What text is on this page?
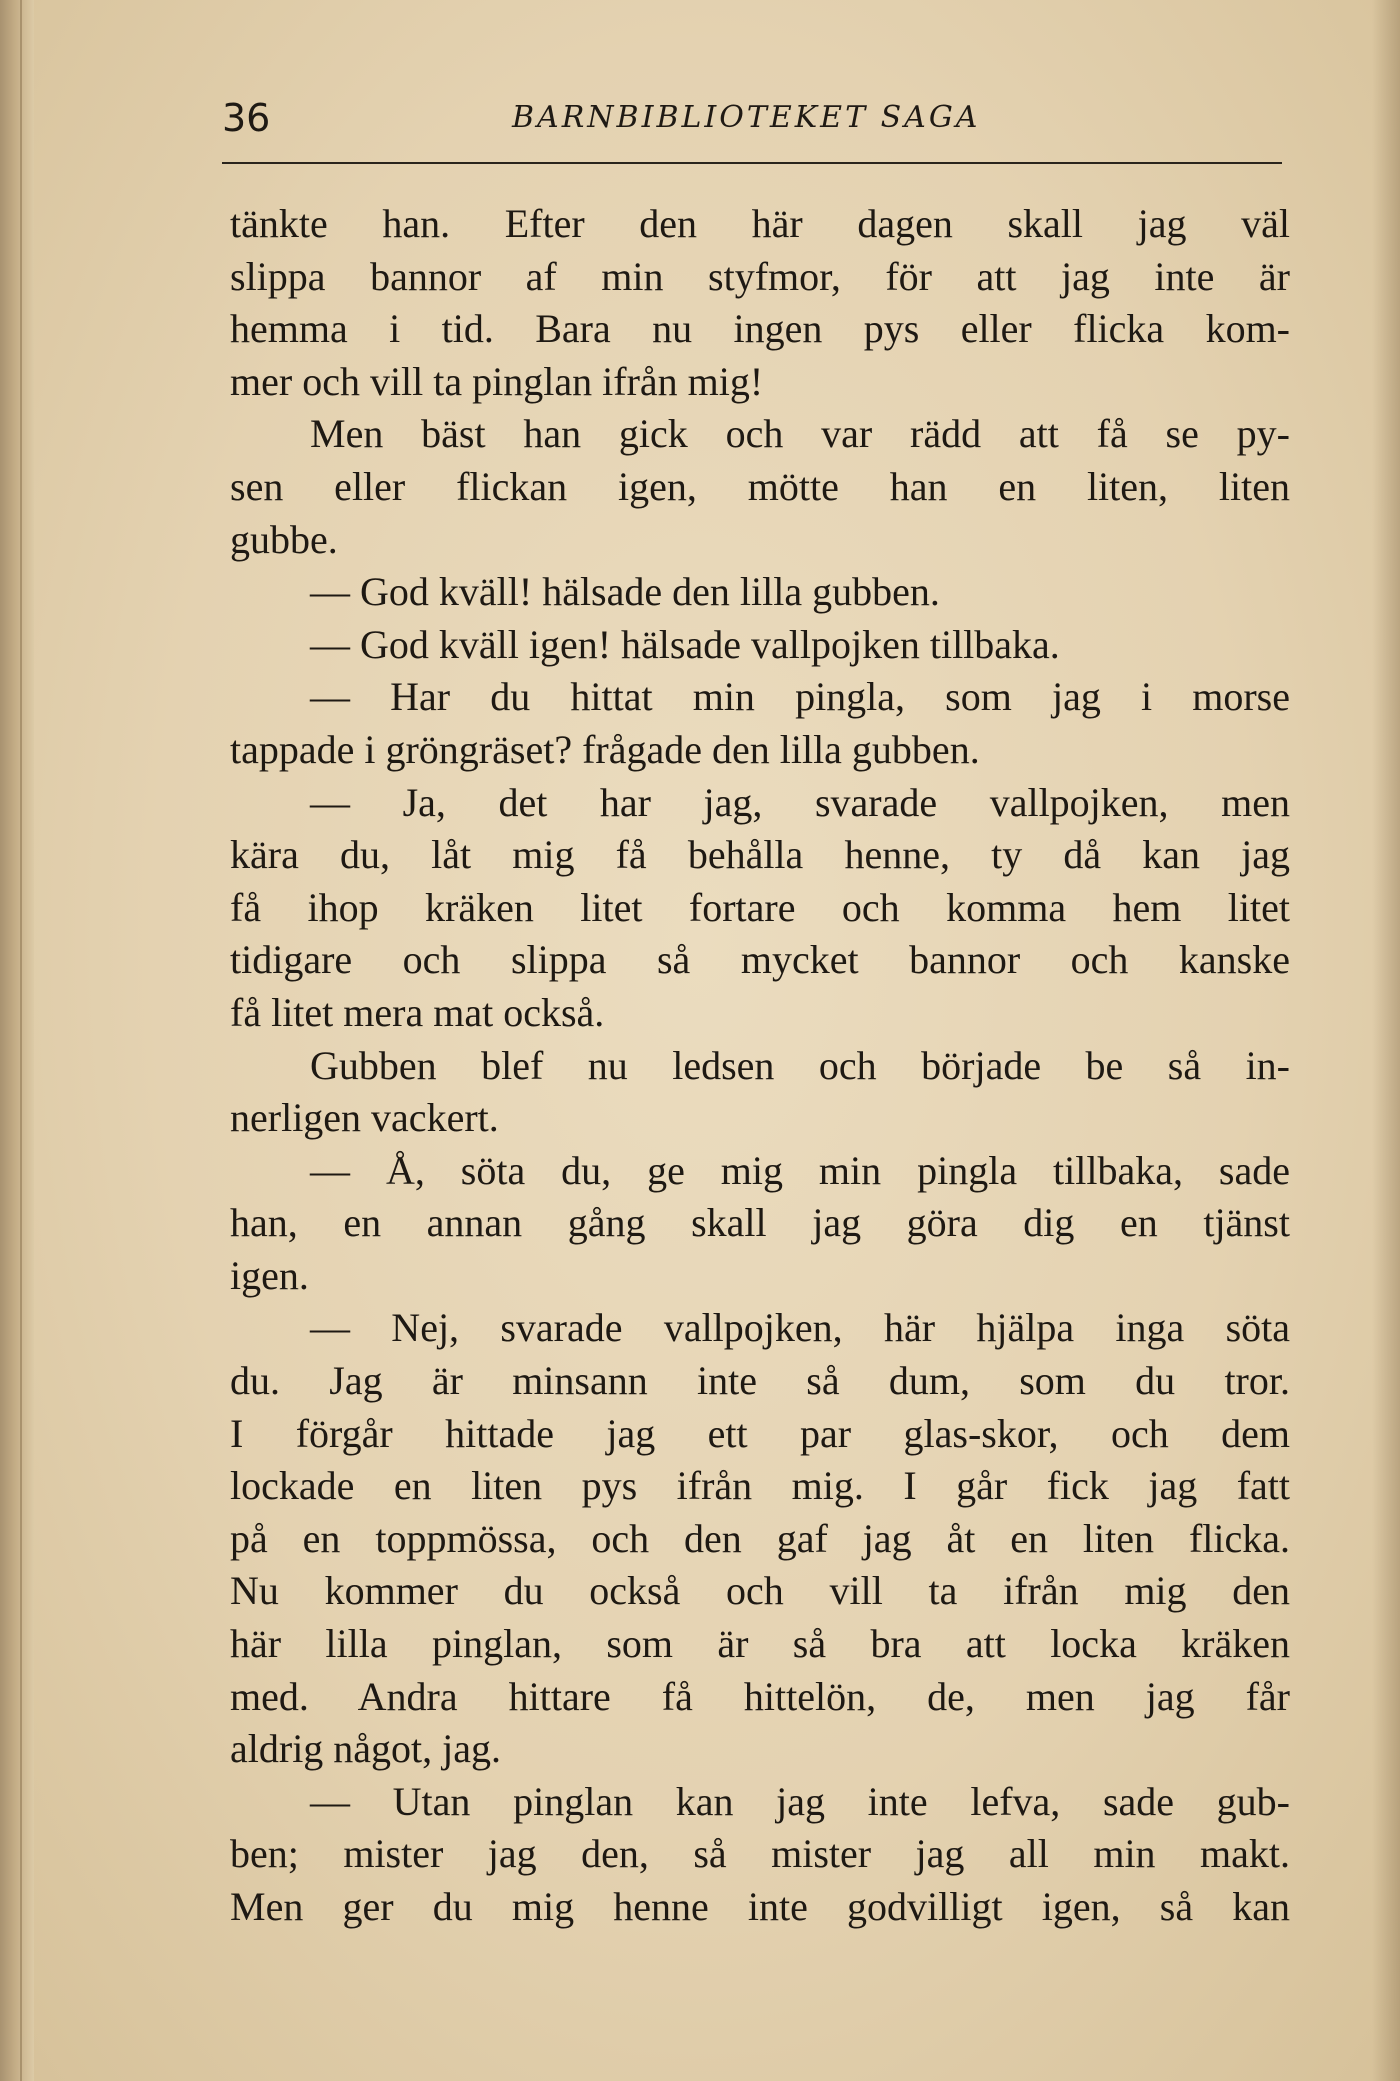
36	BARNBIBLIOTEKET SAGA
tänkte han. Efter den här dagen skall jag väl
slippa bannor af min styfmor, för att jag inte är
hemma i tid. Bara nu ingen pys eller flicka kom-
mer och vill ta pinglan ifrån mig!
Men bäst han gick och var rädd att få se py-
sen eller flickan igen, mötte han en liten, liten
gubbe.
— God kväll! hälsade den lilla gubben.
— God kväll igen! hälsade vallpojken tillbaka.
— Har du hittat min pingla, som jag i morse
tappade i gröngräset? frågade den lilla gubben.
— Ja, det har jag, svarade vallpojken, men
kära du, låt mig få behålla henne, ty då kan jag
få ihop kräken litet fortare och komma hem litet
tidigare och slippa så mycket bannor och kanske
få litet mera mat också.
Gubben blef nu ledsen och började be så in-
nerligen vackert.
— Å, söta du, ge mig min pingla tillbaka, sade
han, en annan gång skall jag göra dig en tjänst
igen.
— Nej, svarade vallpojken, här hjälpa inga söta
du. Jag är minsann inte så dum, som du tror.
I förgår hittade jag ett par glas-skor, och dem
lockade en liten pys ifrån mig. I går fick jag fatt
på en toppmössa, och den gaf jag åt en liten flicka.
Nu kommer du också och vill ta ifrån mig den
här lilla pinglan, som är så bra att locka kräken
med. Andra hittare få hittelön, de, men jag får
aldrig något, jag.
— Utan pinglan kan jag inte lefva, sade gub-
ben; mister jag den, så mister jag all min makt.
Men ger du mig henne inte godvilligt igen, så kan
